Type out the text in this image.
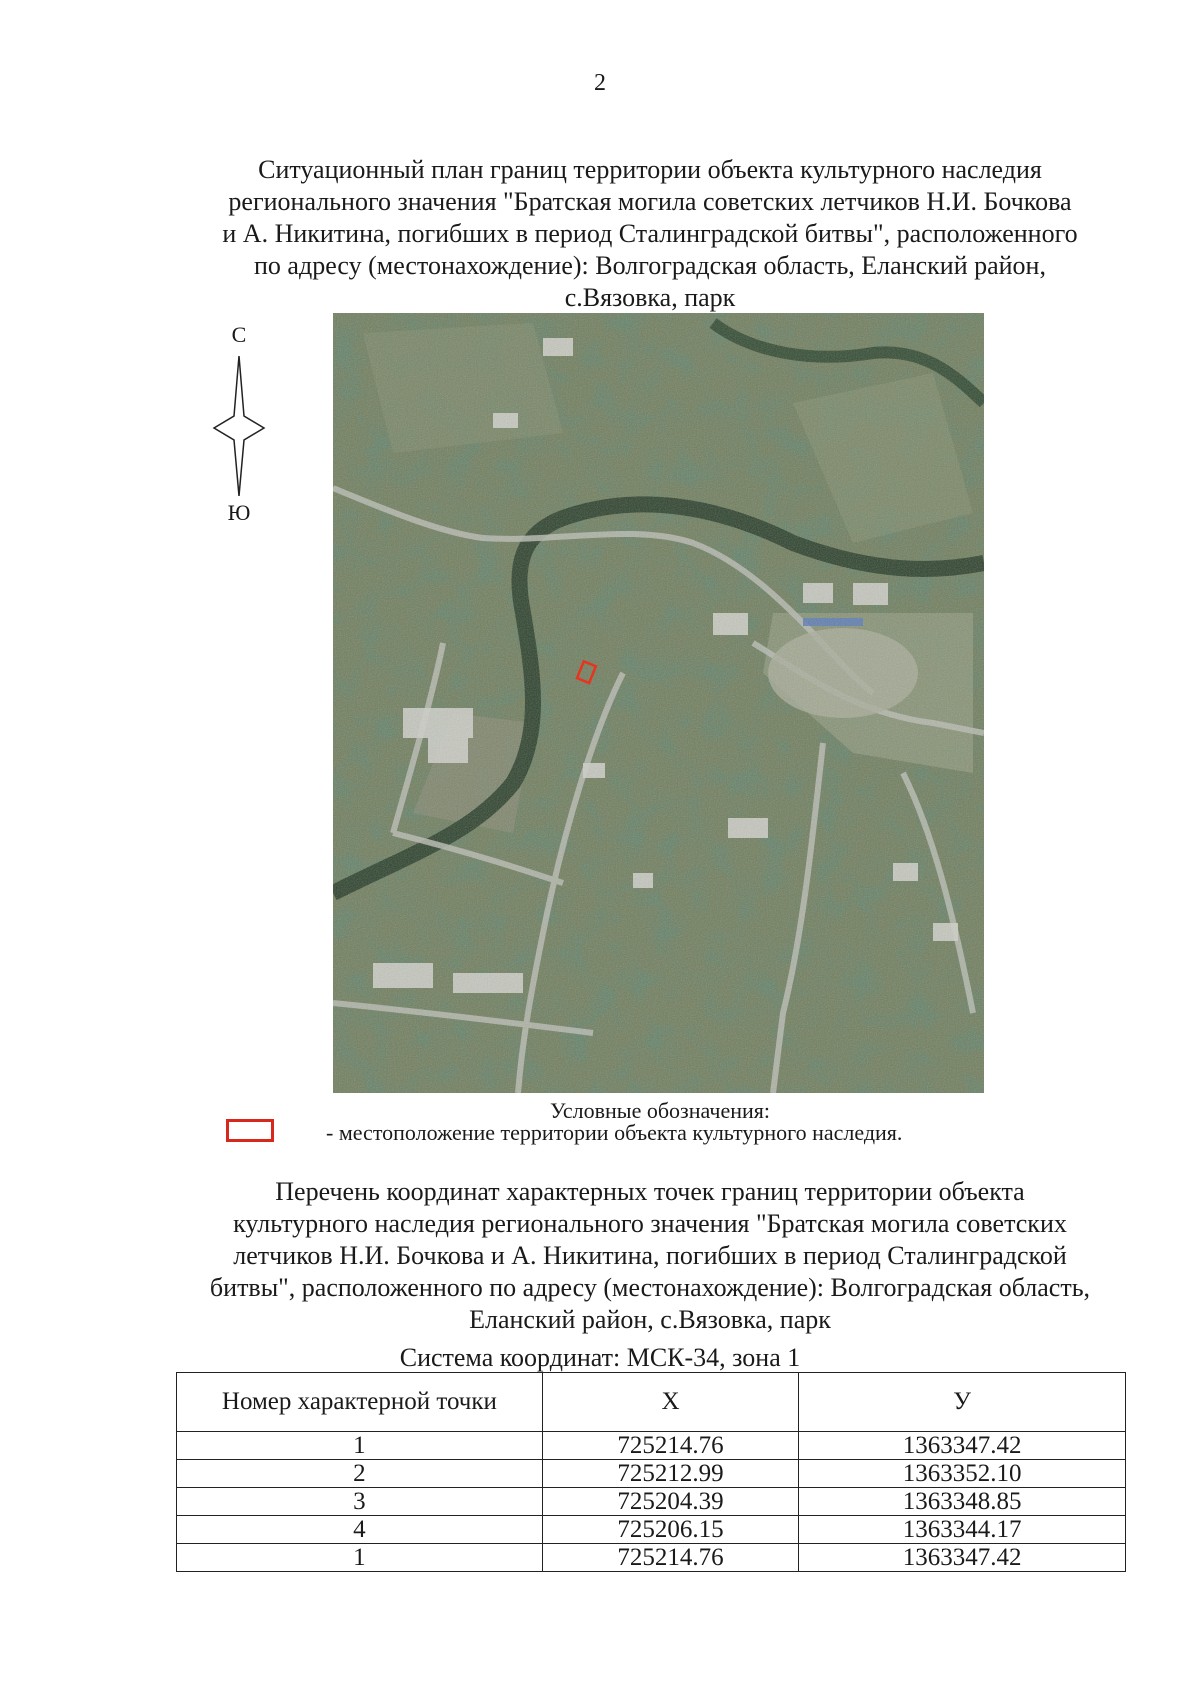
2
Ситуационный план границ территории объекта культурного наследия
регионального значения "Братская могила советских летчиков Н.И. Бочкова
и А. Никитина, погибших в период Сталинградской битвы", расположенного
по адресу (местонахождение): Волгоградская область, Еланский район,
с.Вязовка, парк
С
Ю
Условные обозначения:
- местоположение территории объекта культурного наследия.
Перечень координат характерных точек границ территории объекта
культурного наследия регионального значения "Братская могила советских
летчиков Н.И. Бочкова и А. Никитина, погибших в период Сталинградской
битвы", расположенного по адресу (местонахождение): Волгоградская область,
Еланский район, с.Вязовка, парк
Система координат: МСК-34, зона 1
Номер характерной точки	X	У
1	725214.76	1363347.42
2	725212.99	1363352.10
3	725204.39	1363348.85
4	725206.15	1363344.17
1	725214.76	1363347.42
